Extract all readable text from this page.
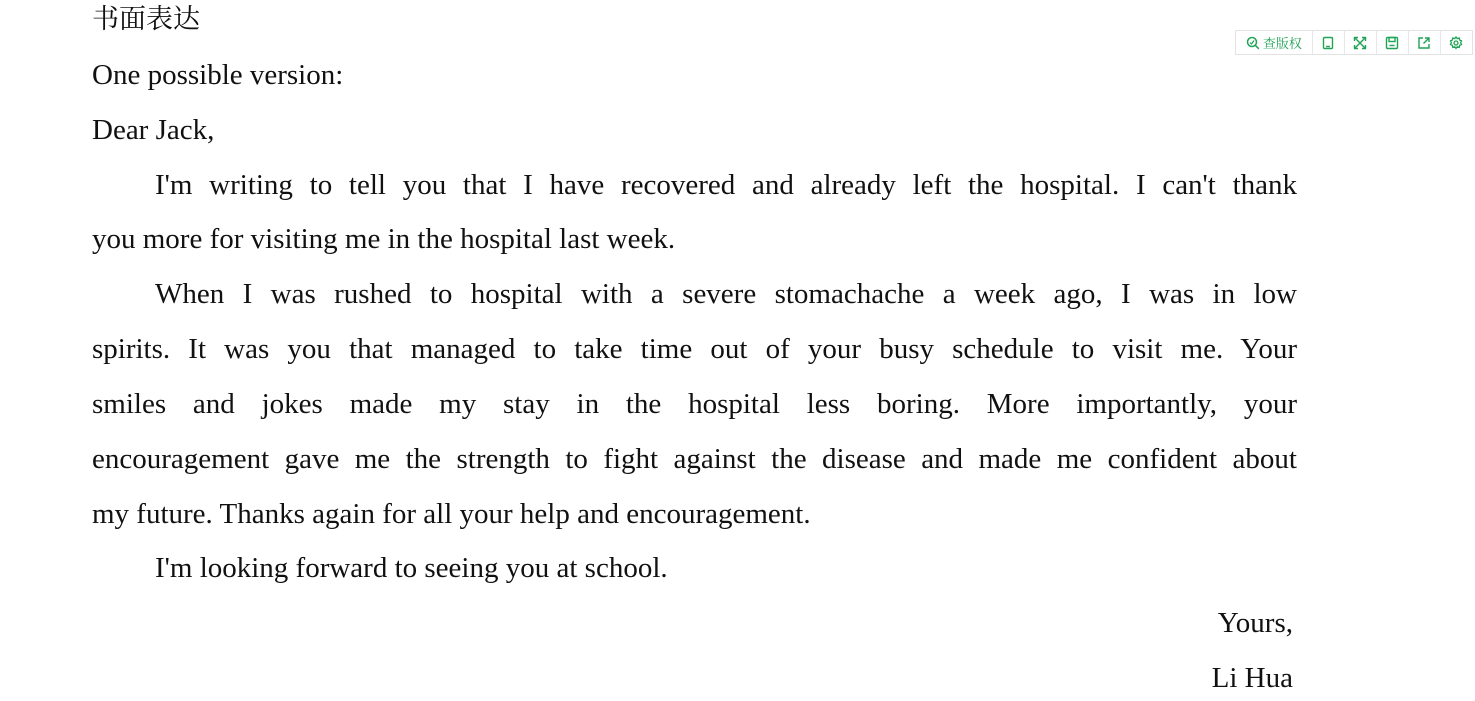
书面表达
One possible version:
Dear Jack,
I'm writing to tell you that I have recovered and already left the hospital. I can't thank
you more for visiting me in the hospital last week.
When I was rushed to hospital with a severe stomachache a week ago, I was in low
spirits. It was you that managed to take time out of your busy schedule to visit me. Your
smiles and jokes made my stay in the hospital less boring. More importantly, your
encouragement gave me the strength to fight against the disease and made me confident about
my future. Thanks again for all your help and encouragement.
I'm looking forward to seeing you at school.
Yours,
Li Hua
查版权
